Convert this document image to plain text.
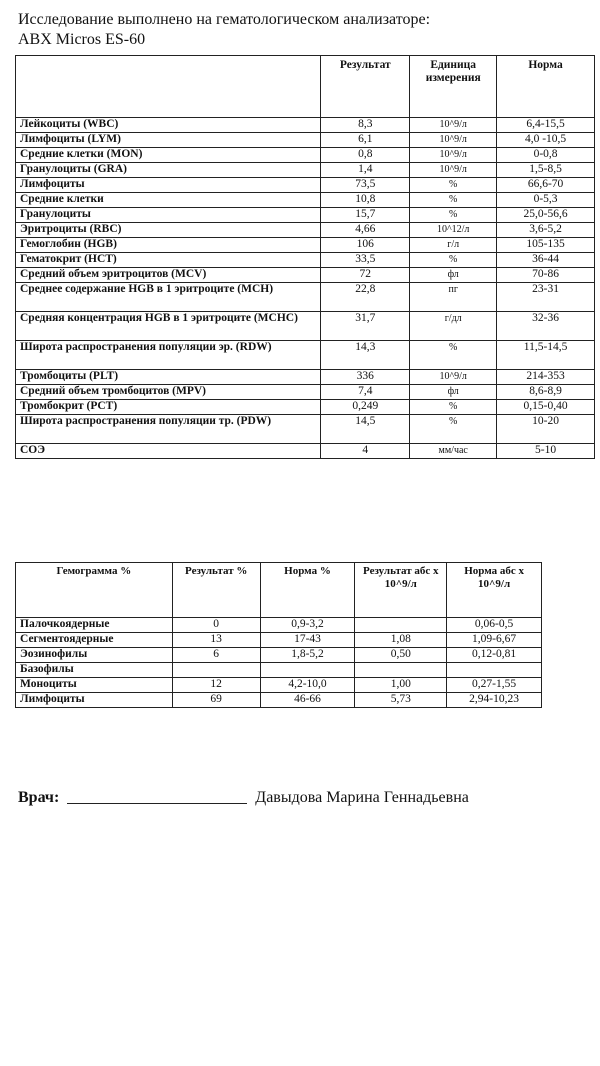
Исследование выполнено на гематологическом анализаторе:
ABX Micros ES-60
	Результат	Единица измерения	Норма
Лейкоциты (WBC)	8,3	10^9/л	6,4-15,5
Лимфоциты (LYM)	6,1	10^9/л	4,0 -10,5
Средние клетки (MON)	0,8	10^9/л	0-0,8
Гранулоциты (GRA)	1,4	10^9/л	1,5-8,5
Лимфоциты	73,5	%	66,6-70
Средние клетки	10,8	%	0-5,3
Гранулоциты	15,7	%	25,0-56,6
Эритроциты (RBC)	4,66	10^12/л	3,6-5,2
Гемоглобин (HGB)	106	г/л	105-135
Гематокрит (HCT)	33,5	%	36-44
Средний объем эритроцитов (MCV)	72	фл	70-86
Среднее содержание HGB в 1 эритроците (MCH)	22,8	пг	23-31
Средняя концентрация HGB в 1 эритроците (MCHC)	31,7	г/дл	32-36
Широта распространения популяции эр. (RDW)	14,3	%	11,5-14,5
Тромбоциты (PLT)	336	10^9/л	214-353
Средний объем тромбоцитов (MPV)	7,4	фл	8,6-8,9
Тромбокрит (PCT)	0,249	%	0,15-0,40
Широта распространения популяции тр. (PDW)	14,5	%	10-20
СОЭ	4	мм/час	5-10
Гемограмма %	Результат %	Норма %	Результат абс х 10^9/л	Норма абс х 10^9/л
Палочкоядерные	0	0,9-3,2		0,06-0,5
Сегментоядерные	13	17-43	1,08	1,09-6,67
Эозинофилы	6	1,8-5,2	0,50	0,12-0,81
Базофилы				
Моноциты	12	4,2-10,0	1,00	0,27-1,55
Лимфоциты	69	46-66	5,73	2,94-10,23
Врач:	Давыдова Марина Геннадьевна
